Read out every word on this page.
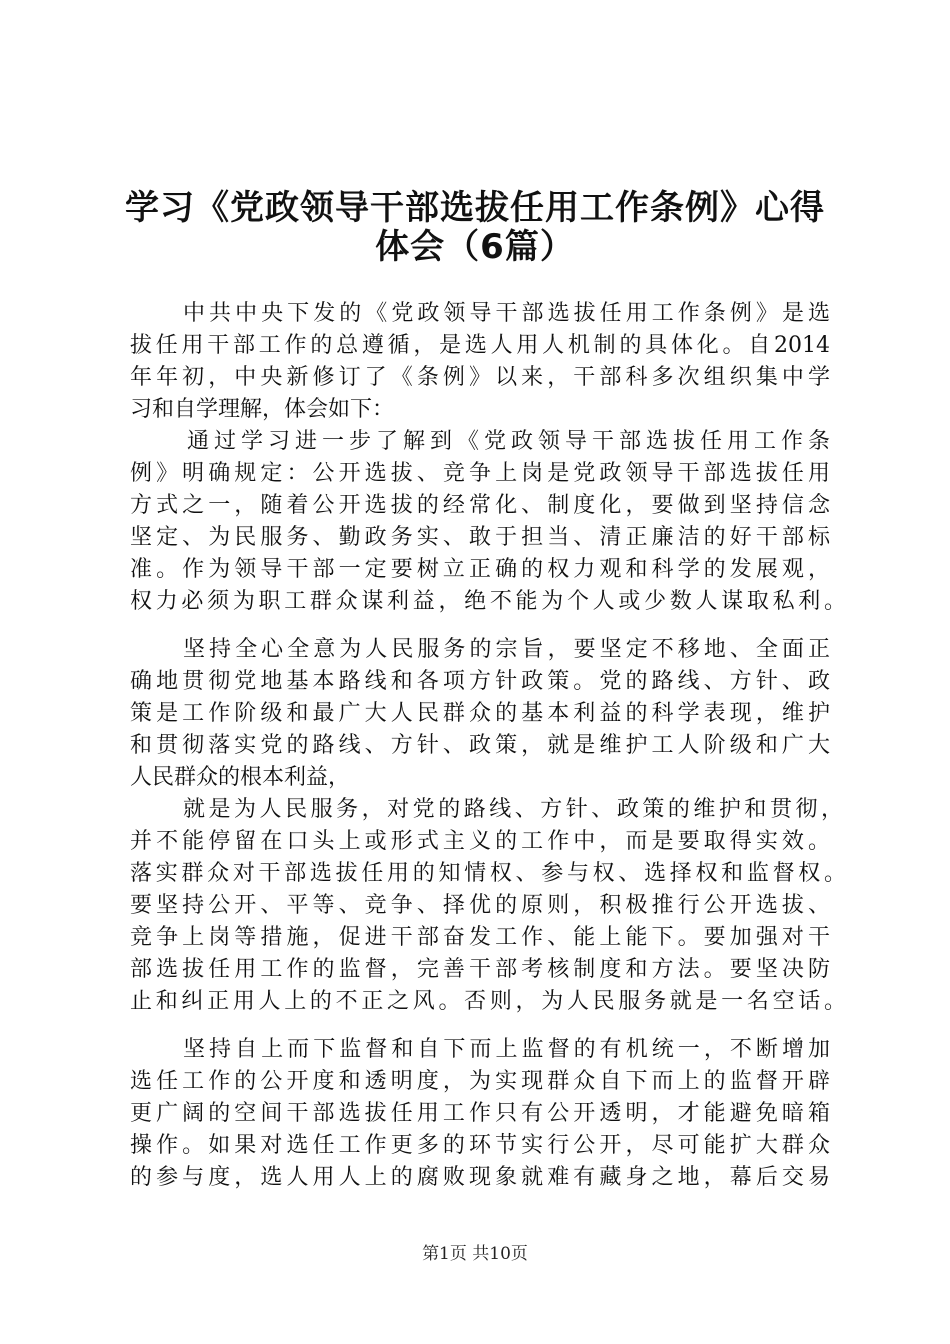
学习《党政领导干部选拔任用工作条例》心得
体会（6篇）
中共中央下发的《党政领导干部选拔任用工作条例》是选
拔任用干部工作的总遵循，是选人用人机制的具体化。自2014
年年初，中央新修订了《条例》以来，干部科多次组织集中学
习和自学理解，体会如下：
通过学习进一步了解到《党政领导干部选拔任用工作条
例》明确规定：公开选拔、竞争上岗是党政领导干部选拔任用
方式之一，随着公开选拔的经常化、制度化，要做到坚持信念
坚定、为民服务、勤政务实、敢于担当、清正廉洁的好干部标
准。作为领导干部一定要树立正确的权力观和科学的发展观，
权力必须为职工群众谋利益，绝不能为个人或少数人谋取私利。
坚持全心全意为人民服务的宗旨，要坚定不移地、全面正
确地贯彻党地基本路线和各项方针政策。党的路线、方针、政
策是工作阶级和最广大人民群众的基本利益的科学表现，维护
和贯彻落实党的路线、方针、政策，就是维护工人阶级和广大
人民群众的根本利益，
就是为人民服务，对党的路线、方针、政策的维护和贯彻，
并不能停留在口头上或形式主义的工作中，而是要取得实效。
落实群众对干部选拔任用的知情权、参与权、选择权和监督权。
要坚持公开、平等、竞争、择优的原则，积极推行公开选拔、
竞争上岗等措施，促进干部奋发工作、能上能下。要加强对干
部选拔任用工作的监督，完善干部考核制度和方法。要坚决防
止和纠正用人上的不正之风。否则，为人民服务就是一名空话。
坚持自上而下监督和自下而上监督的有机统一，不断增加
选任工作的公开度和透明度，为实现群众自下而上的监督开辟
更广阔的空间干部选拔任用工作只有公开透明，才能避免暗箱
操作。如果对选任工作更多的环节实行公开，尽可能扩大群众
的参与度，选人用人上的腐败现象就难有藏身之地，幕后交易
第1页 共10页
